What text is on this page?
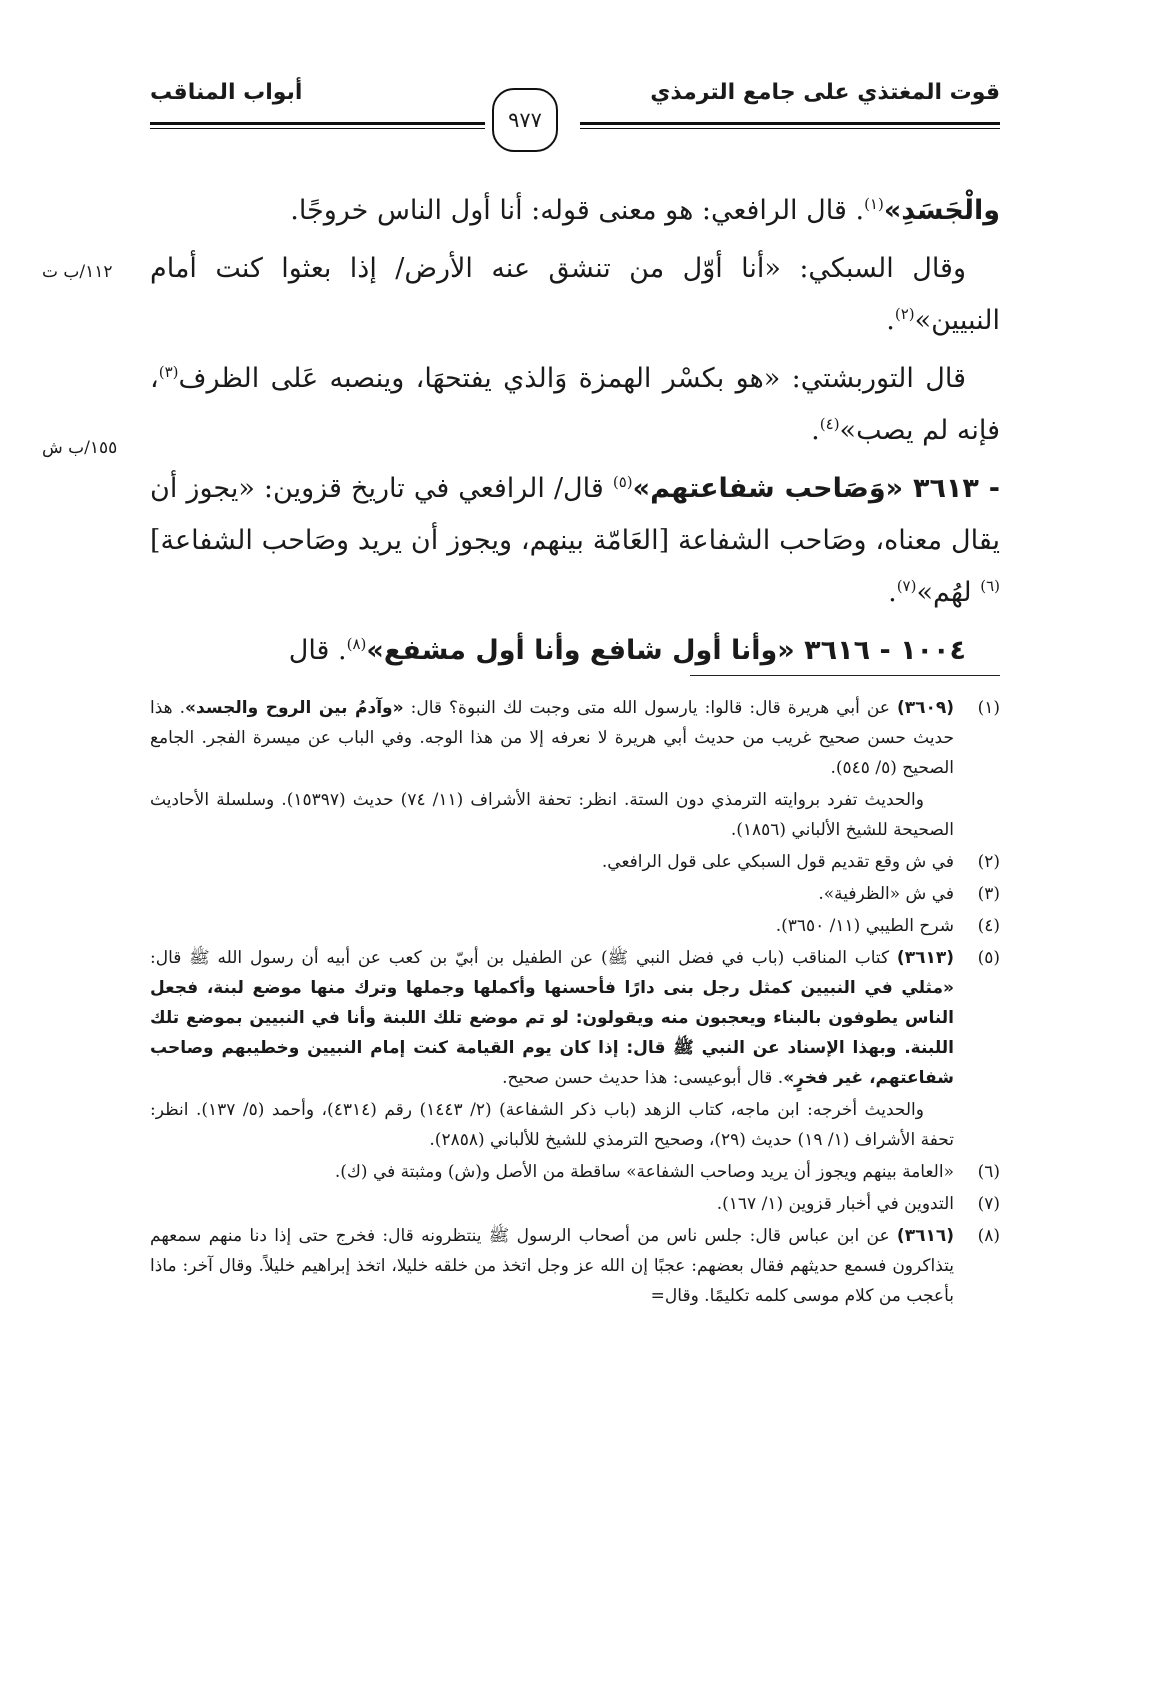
قوت المغتذي على جامع الترمذي
أبواب المناقب
٩٧٧
١١٢/ب ت
١٥٥/ب ش

والْجَسَدِ»$^{(١)}$. قال الرافعي: هو معنى قوله: أنا أول الناس خروجًا.

وقال السبكي: «أنا أوّل من تنشق عنه الأرض/ إذا بعثوا كنت أمام النبيين»$^{(٢)}$.

قال التوربشتي: «هو بكسْر الهمزة وَالذي يفتحهَا، وينصبه عَلى الظرف$^{(٣)}$، فإنه لم يصب»$^{(٤)}$.

- ٣٦١٣ «وَصَاحب شفاعتهم»$^{(٥)}$ قال/ الرافعي في تاريخ قزوين: «يجوز أن يقال معناه، وصَاحب الشفاعة [العَامّة بينهم، ويجوز أن يريد وصَاحب الشفاعة]$^{(٦)}$ لهُم»$^{(٧)}$.

١٠٠٤ - ٣٦١٦ «وأنا أول شافع وأنا أول مشفع»$^{(٨)}$. قال

(١)
(٣٦٠٩) عن أبي هريرة قال: قالوا: يارسول الله متى وجبت لك النبوة؟ قال: «وآدمُ بين الروح والجسد». هذا حديث حسن صحيح غريب من حديث أبي هريرة لا نعرفه إلا من هذا الوجه. وفي الباب عن ميسرة الفجر. الجامع الصحيح (٥/ ٥٤٥).
والحديث تفرد بروايته الترمذي دون الستة. انظر: تحفة الأشراف (١١/ ٧٤) حديث (١٥٣٩٧). وسلسلة الأحاديث الصحيحة للشيخ الألباني (١٨٥٦).
(٢)
في ش وقع تقديم قول السبكي على قول الرافعي.
(٣)
في ش «الظرفية».
(٤)
شرح الطيبي (١١/ ٣٦٥٠).
(٥)
(٣٦١٣) كتاب المناقب (باب في فضل النبي ﷺ) عن الطفيل بن أبيّ بن كعب عن أبيه أن رسول الله ﷺ قال: «مثلي في النبيين كمثل رجل بنى دارًا فأحسنها وأكملها وجملها وترك منها موضع لبنة، فجعل الناس يطوفون بالبناء ويعجبون منه ويقولون: لو تم موضع تلك اللبنة وأنا في النبيين بموضع تلك اللبنة. وبهذا الإسناد عن النبي ﷺ قال: إذا كان يوم القيامة كنت إمام النبيين وخطيبهم وصاحب شفاعتهم، غير فخرٍ». قال أبوعيسى: هذا حديث حسن صحيح.
والحديث أخرجه: ابن ماجه، كتاب الزهد (باب ذكر الشفاعة) (٢/ ١٤٤٣) رقم (٤٣١٤)، وأحمد (٥/ ١٣٧). انظر: تحفة الأشراف (١/ ١٩) حديث (٢٩)، وصحيح الترمذي للشيخ للألباني (٢٨٥٨).
(٦)
«العامة بينهم ويجوز أن يريد وصاحب الشفاعة» ساقطة من الأصل و(ش) ومثبتة في (ك).
(٧)
التدوين في أخبار قزوين (١/ ١٦٧).
(٨)
(٣٦١٦) عن ابن عباس قال: جلس ناس من أصحاب الرسول ﷺ ينتظرونه قال: فخرج حتى إذا دنا منهم سمعهم يتذاكرون فسمع حديثهم فقال بعضهم: عجبًا إن الله عز وجل اتخذ من خلقه خليلا، اتخذ إبراهيم خليلاً. وقال آخر: ماذا بأعجب من كلام موسى كلمه تكليمًا. وقال=
